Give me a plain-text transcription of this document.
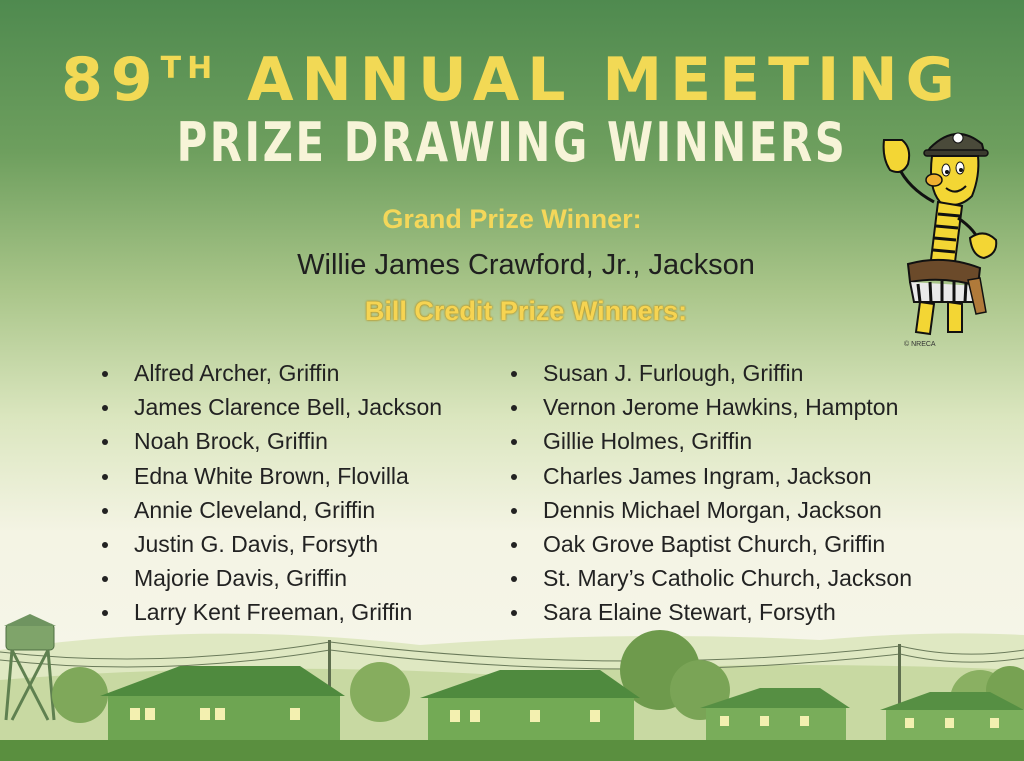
89TH ANNUAL MEETING
PRIZE DRAWING WINNERS
Grand Prize Winner:
Willie James Crawford, Jr., Jackson
Bill Credit Prize Winners:
Alfred Archer, Griffin
James Clarence Bell, Jackson
Noah Brock, Griffin
Edna White Brown, Flovilla
Annie Cleveland, Griffin
Justin G. Davis, Forsyth
Majorie Davis, Griffin
Larry Kent Freeman, Griffin
Susan J. Furlough, Griffin
Vernon Jerome Hawkins, Hampton
Gillie Holmes, Griffin
Charles James Ingram, Jackson
Dennis Michael Morgan, Jackson
Oak Grove Baptist Church, Griffin
St. Mary’s Catholic Church, Jackson
Sara Elaine Stewart, Forsyth
© NRECA
